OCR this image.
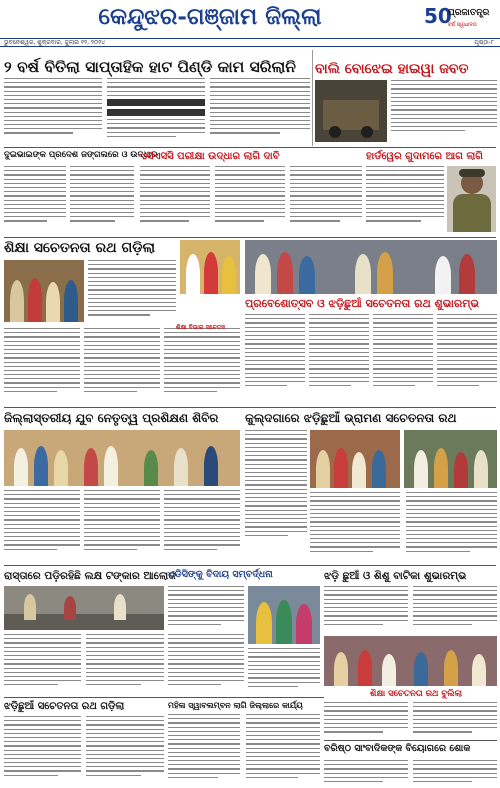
କେନ୍ଦୁଝର-ଗଞ୍ଜାମ ଜିଲ୍ଲା	50
ପ୍ରଜାତନ୍ତ୍ର
ବର୍ଷ ସ୍ୱାଧୀନତା
ଭୁବନେଶ୍ୱର, ଶୁକ୍ରବାର, ଜୁଲାଇ ୧୨, ୨୦୨୪	ପୃଷ୍ଠା-୮
୨ ବର୍ଷ ବିତିଲା ସାପ୍ତାହିକ ହାଟ ପିଣ୍ଡି କାମ ସରିଲାନି	ବାଲି ବୋଝେଇ ହାଇୱା ଜବତ
ଦୁଇଭାଇଙ୍କ ପ୍ରଦେଶ ଜଙ୍ଗଲରେ ଓ ଉଦ୍ଧାର
ଏସଏସସି ପରୀକ୍ଷା ଉଦ୍ଧାର ଲାଗି ଦାବି	ହାର୍ଡୱେର ଗୁଦାମରେ ଆଗ ଲାଗି
ଶିକ୍ଷା ସଚେତନତା ରଥ ଗଡ଼ିଲା
ପ୍ରବେଶୋତ୍ସବ ଓ ଝଡ଼ିଛୁଆଁ ସଚେତନତା ରଥ ଶୁଭାରମ୍ଭ
ଜିଲ୍ଲାସ୍ତରୀୟ ଯୁବ ନେତୃତ୍ୱ ପ୍ରଶିକ୍ଷଣ ଶିବିର	କୁଲ୍ଦଗାରେ ଝଡ଼ିଛୁଆଁ ଭ୍ରାମଣ ସଚେତନତା ରଥ
ରାସ୍ତାରେ ପଡ଼ିରହିଛି ଲକ୍ଷ ଟଙ୍କାର ଆଲୋକ
ଏଡିସିଙ୍କୁ ବିଦାୟ ସମ୍ବର୍ଦ୍ଧନା	ଝଡ଼ି ଛୁଆଁ ଓ ଶିଶୁ ବାଟିକା ଶୁଭାରମ୍ଭ
ଝଡ଼ିଛୁଆଁ ସଚେତନତା ରଥ ଗଡ଼ିଲା	ମହିଳା ସ୍ୱାବଲମ୍ବନ ଲାଗି ଜିଲ୍ଲାରେ କାର୍ଯ୍ୟ
ଶିକ୍ଷା ସଚେତନତା ରଥ ବୁଲିଲା
ବରିଷ୍ଠ ସାଂବାଦିକଙ୍କ ବିୟୋଗରେ ଶୋକ
ଶିକ୍ଷା ବିଭାଗ ସଚେତନ
